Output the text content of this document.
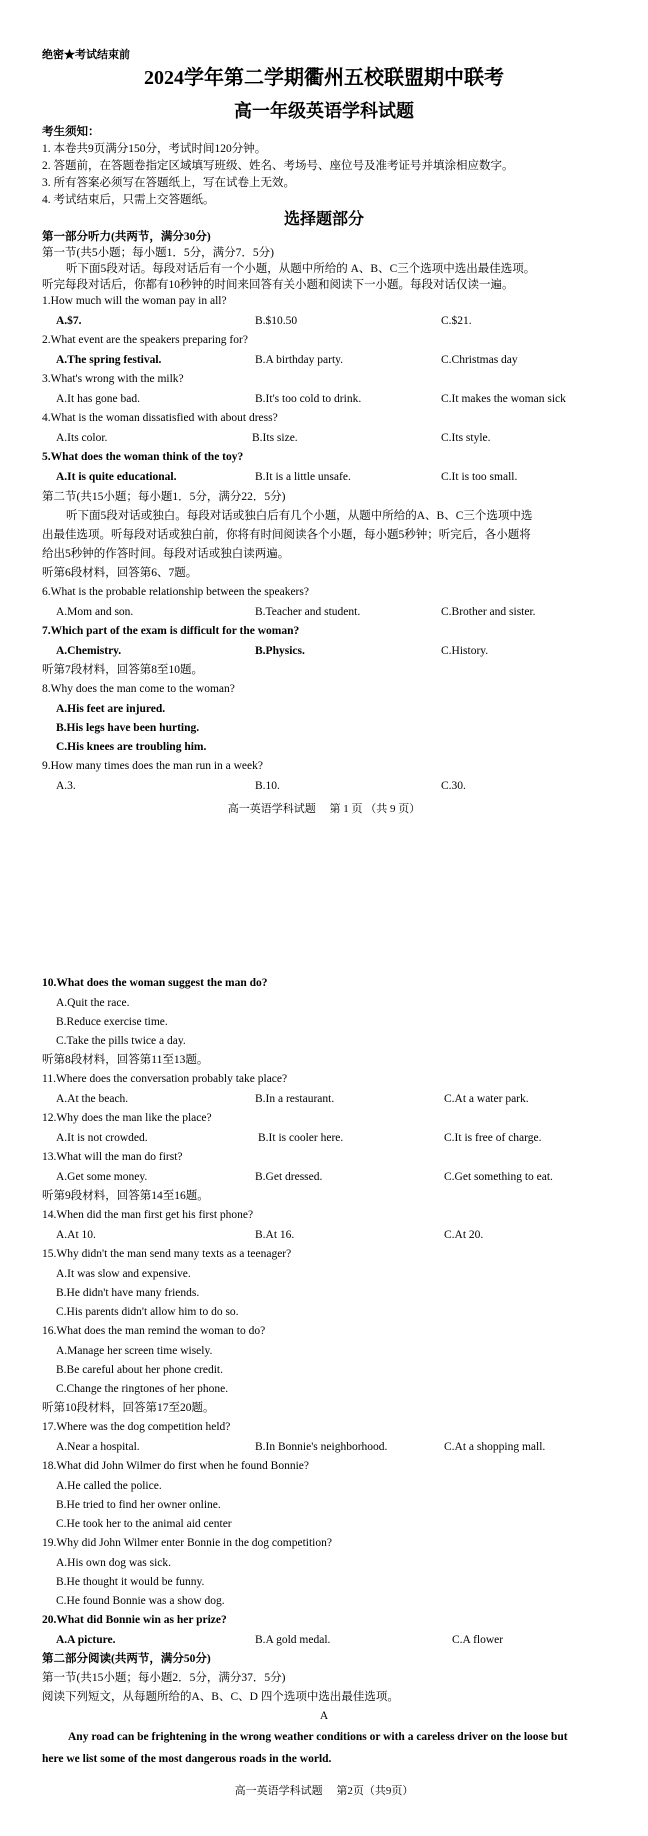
绝密★考试结束前
2024学年第二学期衢州五校联盟期中联考
高一年级英语学科试题
考生须知：
1. 本卷共9页满分150分，考试时间120分钟。
2. 答题前，在答题卷指定区域填写班级、姓名、考场号、座位号及准考证号并填涂相应数字。
3. 所有答案必须写在答题纸上，写在试卷上无效。
4. 考试结束后，只需上交答题纸。
选择题部分
第一部分听力(共两节，满分30分)
第一节(共5小题；每小题1．5分，满分7．5分)
听下面5段对话。每段对话后有一个小题，从题中所给的 A、B、C三个选项中选出最佳选项。
听完每段对话后，你都有10秒钟的时间来回答有关小题和阅读下一小题。每段对话仅读一遍。
1.How much will the woman pay in all?
A.$7.	B.$10.50	C.$21.
2.What event are the speakers preparing for?
A.The spring festival.	B.A birthday party.	C.Christmas day
3.What's wrong with the milk?
A.It has gone bad.	B.It's too cold to drink.	C.It makes the woman sick
4.What is the woman dissatisfied with about dress?
A.Its color.	B.Its size.	C.Its style.
5.What does the woman think of the toy?
A.It is quite educational.	B.It is a little unsafe.	C.It is too small.
第二节(共15小题；每小题1．5分，满分22．5分)
听下面5段对话或独白。每段对话或独白后有几个小题，从题中所给的A、B、C三个选项中选
出最佳选项。听每段对话或独白前，你将有时间阅读各个小题，每小题5秒钟；听完后，各小题将
给出5秒钟的作答时间。每段对话或独白读两遍。
听第6段材料，回答第6、7题。
6.What is the probable relationship between the speakers?
A.Mom and son.	B.Teacher and student.	C.Brother and sister.
7.Which part of the exam is difficult for the woman?
A.Chemistry.	B.Physics.	C.History.
听第7段材料，回答第8至10题。
8.Why does the man come to the woman?
A.His feet are injured.
B.His legs have been hurting.
C.His knees are troubling him.
9.How many times does the man run in a week?
A.3.	B.10.	C.30.
高一英语学科试题　 第 1 页 （共 9 页）
10.What does the woman suggest the man do?
A.Quit the race.
B.Reduce exercise time.
C.Take the pills twice a day.
听第8段材料，回答第11至13题。
11.Where does the conversation probably take place?
A.At the beach.	B.In a restaurant.	C.At a water park.
12.Why does the man like the place?
A.It is not crowded.	B.It is cooler here.	C.It is free of charge.
13.What will the man do first?
A.Get some money.	B.Get dressed.	C.Get something to eat.
听第9段材料，回答第14至16题。
14.When did the man first get his first phone?
A.At 10.	B.At 16.	C.At 20.
15.Why didn't the man send many texts as a teenager?
A.It was slow and expensive.
B.He didn't have many friends.
C.His parents didn't allow him to do so.
16.What does the man remind the woman to do?
A.Manage her screen time wisely.
B.Be careful about her phone credit.
C.Change the ringtones of her phone.
听第10段材料，回答第17至20题。
17.Where was the dog competition held?
A.Near a hospital.	B.In Bonnie's neighborhood.	C.At a shopping mall.
18.What did John Wilmer do first when he found Bonnie?
A.He called the police.
B.He tried to find her owner online.
C.He took her to the animal aid center
19.Why did John Wilmer enter Bonnie in the dog competition?
A.His own dog was sick.
B.He thought it would be funny.
C.He found Bonnie was a show dog.
20.What did Bonnie win as her prize?
A.A picture.	B.A gold medal.	C.A flower
第二部分阅读(共两节，满分50分)
第一节(共15小题；每小题2．5分，满分37．5分)
阅读下列短文，从每题所给的A、B、C、D 四个选项中选出最佳选项。
A
Any road can be frightening in the wrong weather conditions or with a careless driver on the loose but
here we list some of the most dangerous roads in the world.
高一英语学科试题　 第2页（共9页）
